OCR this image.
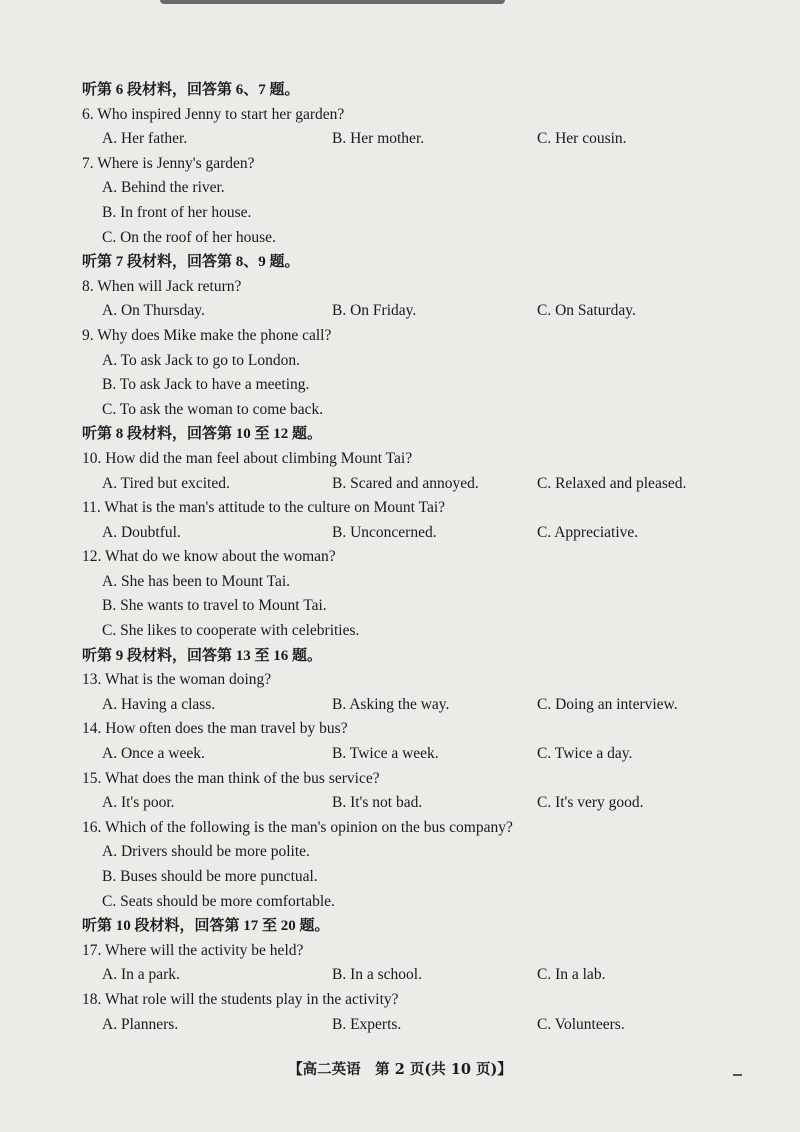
听第 6 段材料，回答第 6、7 题。
6. Who inspired Jenny to start her garden?
A. Her father.	B. Her mother.	C. Her cousin.
7. Where is Jenny's garden?
A. Behind the river.
B. In front of her house.
C. On the roof of her house.
听第 7 段材料，回答第 8、9 题。
8. When will Jack return?
A. On Thursday.	B. On Friday.	C. On Saturday.
9. Why does Mike make the phone call?
A. To ask Jack to go to London.
B. To ask Jack to have a meeting.
C. To ask the woman to come back.
听第 8 段材料，回答第 10 至 12 题。
10. How did the man feel about climbing Mount Tai?
A. Tired but excited.	B. Scared and annoyed.	C. Relaxed and pleased.
11. What is the man's attitude to the culture on Mount Tai?
A. Doubtful.	B. Unconcerned.	C. Appreciative.
12. What do we know about the woman?
A. She has been to Mount Tai.
B. She wants to travel to Mount Tai.
C. She likes to cooperate with celebrities.
听第 9 段材料，回答第 13 至 16 题。
13. What is the woman doing?
A. Having a class.	B. Asking the way.	C. Doing an interview.
14. How often does the man travel by bus?
A. Once a week.	B. Twice a week.	C. Twice a day.
15. What does the man think of the bus service?
A. It's poor.	B. It's not bad.	C. It's very good.
16. Which of the following is the man's opinion on the bus company?
A. Drivers should be more polite.
B. Buses should be more punctual.
C. Seats should be more comfortable.
听第 10 段材料，回答第 17 至 20 题。
17. Where will the activity be held?
A. In a park.	B. In a school.	C. In a lab.
18. What role will the students play in the activity?
A. Planners.	B. Experts.	C. Volunteers.
【高二英语　第 2 页(共 10 页)】
